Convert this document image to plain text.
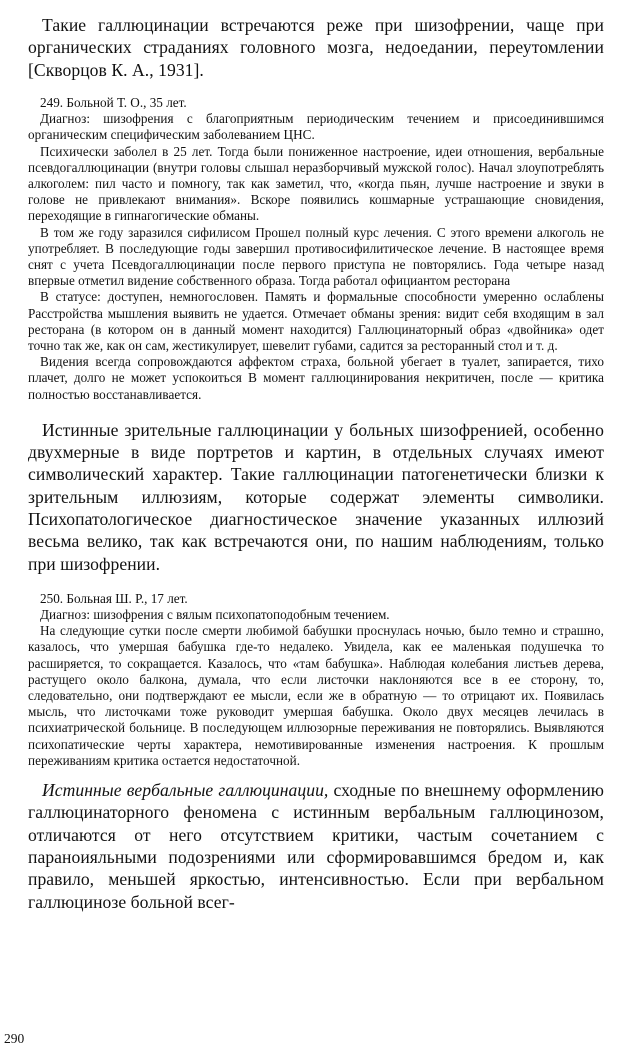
Такие галлюцинации встречаются реже при шизофрении, чаще при органических страданиях головного мозга, недоедании, переутомлении [Скворцов К. А., 1931].

249. Больной Т. О., 35 лет.

Диагноз: шизофрения с благоприятным периодическим течением и присоединившимся органическим специфическим заболеванием ЦНС.

Психически заболел в 25 лет. Тогда были пониженное настроение, идеи отношения, вербальные псевдогаллюцинации (внутри головы слышал неразборчивый мужской голос). Начал злоупотреблять алкоголем: пил часто и помногу, так как заметил, что, «когда пьян, лучше настроение и звуки в голове не привлекают внимания». Вскоре появились кошмарные устрашающие сновидения, переходящие в гипнагогические обманы.

В том же году заразился сифилисом Прошел полный курс лечения. С этого времени алкоголь не употребляет. В последующие годы завершил противосифилитическое лечение. В настоящее время снят с учета Псевдогаллюцинации после первого приступа не повторялись. Года четыре назад впервые отметил видение собственного образа. Тогда работал официантом ресторана

В статусе: доступен, немногословен. Память и формальные способности умеренно ослаблены Расстройства мышления выявить не удается. Отмечает обманы зрения: видит себя входящим в зал ресторана (в котором он в данный момент находится) Галлюцинаторный образ «двойника» одет точно так же, как он сам, жестикулирует, шевелит губами, садится за ресторанный стол и т. д.

Видения всегда сопровождаются аффектом страха, больной убегает в туалет, запирается, тихо плачет, долго не может успокоиться В момент галлюцинирования некритичен, после — критика полностью восстанавливается.

Истинные зрительные галлюцинации у больных шизофренией, особенно двухмерные в виде портретов и картин, в отдельных случаях имеют символический характер. Такие галлюцинации патогенетически близки к зрительным иллюзиям, которые содержат элементы символики. Психопатологическое диагностическое значение указанных иллюзий весьма велико, так как встречаются они, по нашим наблюдениям, только при шизофрении.

250. Больная Ш. Р., 17 лет.

Диагноз: шизофрения с вялым психопатоподобным течением.

На следующие сутки после смерти любимой бабушки проснулась ночью, было темно и страшно, казалось, что умершая бабушка где-то недалеко. Увидела, как ее маленькая подушечка то расширяется, то сокращается. Казалось, что «там бабушка». Наблюдая колебания листьев дерева, растущего около балкона, думала, что если листочки наклоняются все в ее сторону, то, следовательно, они подтверждают ее мысли, если же в обратную — то отрицают их. Появилась мысль, что листочками тоже руководит умершая бабушка. Около двух месяцев лечилась в психиатрической больнице. В последующем иллюзорные переживания не повторялись. Выявляются психопатические черты характера, немотивированные изменения настроения. К прошлым переживаниям критика остается недостаточной.

Истинные вербальные галлюцинации, сходные по внешнему оформлению галлюцинаторного феномена с истинным вербальным галлюцинозом, отличаются от него отсутствием критики, частым сочетанием с параноияльными подозрениями или сформировавшимся бредом и, как правило, меньшей яркостью, интенсивностью. Если при вербальном галлюцинозе больной всег-

290
